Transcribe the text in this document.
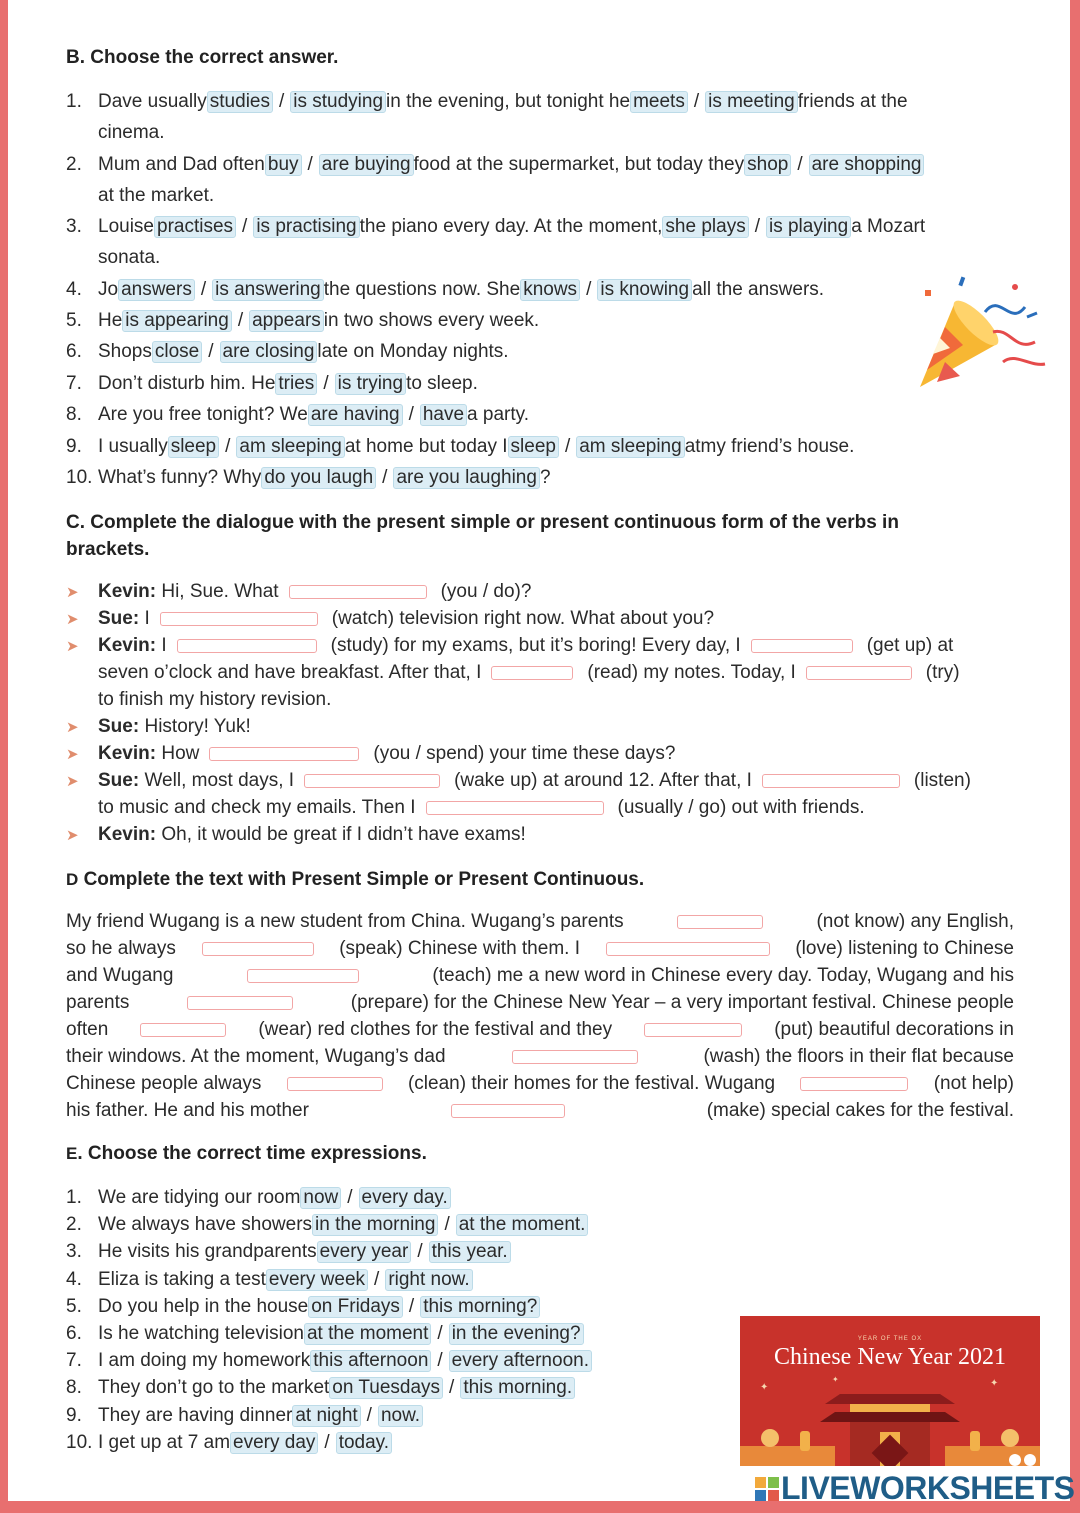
B. Choose the correct answer.
1. Dave usually studies / is studying in the evening, but tonight he meets / is meeting friends at the
cinema.
2. Mum and Dad often buy / are buying food at the supermarket, but today they shop / are shopping
at the market.
3. Louise practises / is practising the piano every day. At the moment, she plays / is playing a Mozart
sonata.
4. Jo answers / is answering the questions now. She knows / is knowing all the answers.
5. He is appearing / appears in two shows every week.
6. Shops close / are closing late on Monday nights.
7. Don’t disturb him. He tries / is trying to sleep.
8. Are you free tonight? We are having / have a party.
9. I usually sleep / am sleeping at home but today I sleep / am sleeping atmy friend’s house.
10. What’s funny? Why do you laugh / are you laughing ?
C. Complete the dialogue with the present simple or present continuous form of the verbs in
brackets.
➤ Kevin: Hi, Sue. What	(you / do)?
➤ Sue: I	(watch) television right now. What about you?
➤ Kevin: I	(study) for my exams, but it’s boring! Every day, I	(get up) at
seven o’clock and have breakfast. After that, I	(read) my notes. Today, I	(try)
to finish my history revision.
➤ Sue: History! Yuk!
➤ Kevin: How	(you / spend) your time these days?
➤ Sue: Well, most days, I	(wake up) at around 12. After that, I	(listen)
to music and check my emails. Then I	(usually / go) out with friends.
➤ Kevin: Oh, it would be great if I didn’t have exams!
D Complete the text with Present Simple or Present Continuous.
My friend Wugang is a new student from China. Wugang’s parents	(not know) any English,
so he always	(speak) Chinese with them. I	(love) listening to Chinese
and Wugang	(teach) me a new word in Chinese every day. Today, Wugang and his
parents	(prepare) for the Chinese New Year – a very important festival. Chinese people
often	(wear) red clothes for the festival and they	(put) beautiful decorations in
their windows. At the moment, Wugang’s dad	(wash) the floors in their flat because
Chinese people always	(clean) their homes for the festival. Wugang	(not help)
his father. He and his mother	(make) special cakes for the festival.
E. Choose the correct time expressions.
1. We are tidying our room now / every day.
2. We always have showers in the morning / at the moment.
3. He visits his grandparents every year / this year.
4. Eliza is taking a test every week / right now.
5. Do you help in the house on Fridays / this morning?
6. Is he watching television at the moment / in the evening?
7. I am doing my homework this afternoon / every afternoon.
8. They don’t go to the market on Tuesdays / this morning.
9. They are having dinner at night / now.
10. I get up at 7 am every day / today.
YEAR OF THE OX
Chinese New Year 2021
✦	✦
✦
LIVEWORKSHEETS
